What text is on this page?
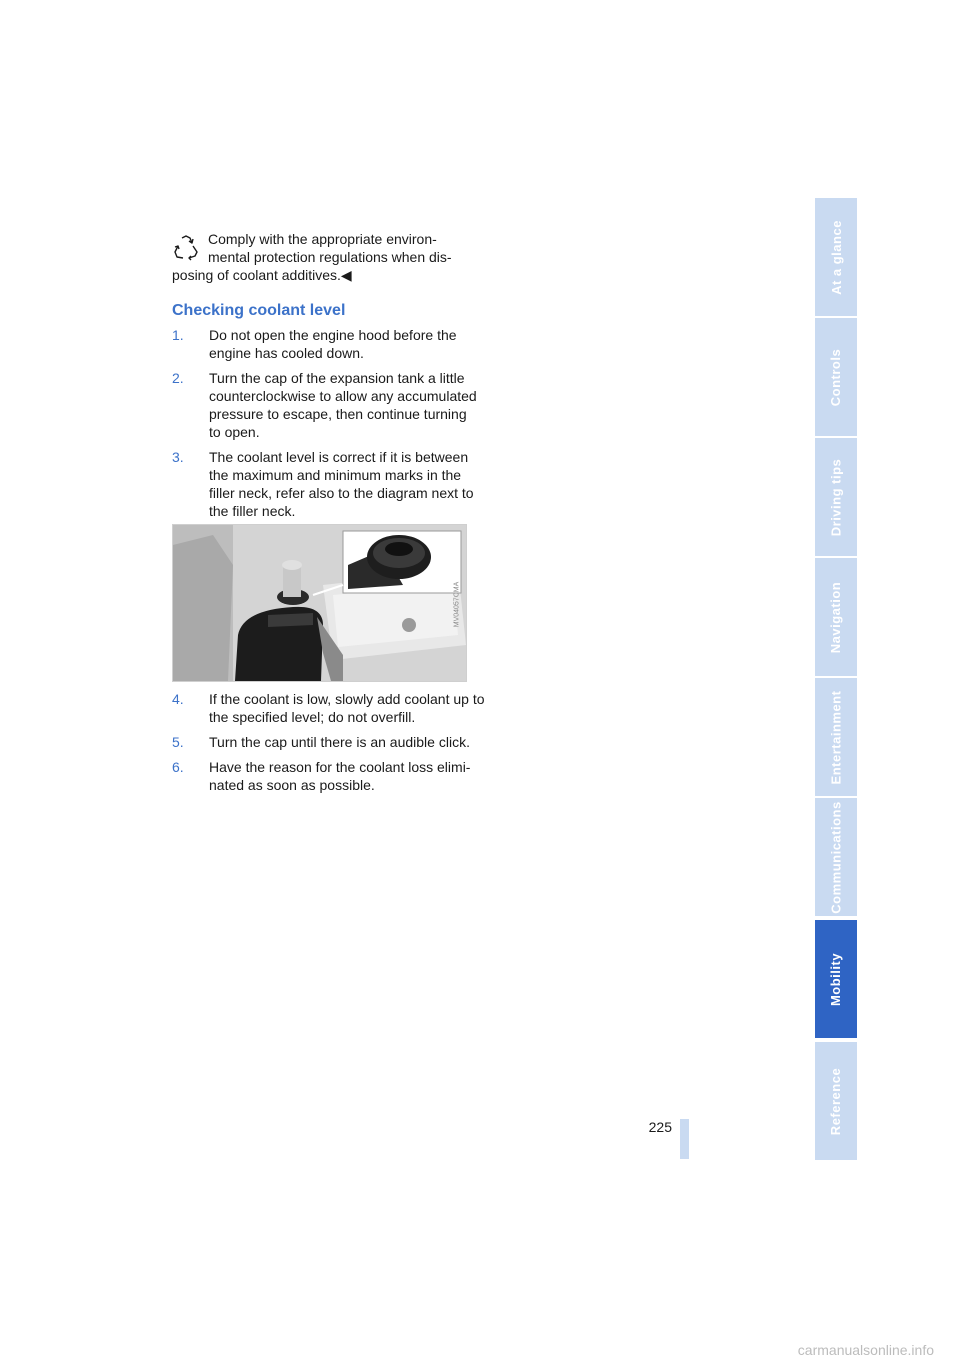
Comply with the appropriate environ-
mental protection regulations when dis-
posing of coolant additives.◀
Checking coolant level
1. Do not open the engine hood before the
engine has cooled down.
2. Turn the cap of the expansion tank a little
counterclockwise to allow any accumulated
pressure to escape, then continue turning
to open.
3. The coolant level is correct if it is between
the maximum and minimum marks in the
filler neck, refer also to the diagram next to
the filler neck.
MV04057CMA
4. If the coolant is low, slowly add coolant up to
the specified level; do not overfill.
5. Turn the cap until there is an audible click.
6. Have the reason for the coolant loss elimi-
nated as soon as possible.
At a glance
Controls
Driving tips
Navigation
Entertainment
Communications
Mobility
Reference
225
carmanualsonline.info
